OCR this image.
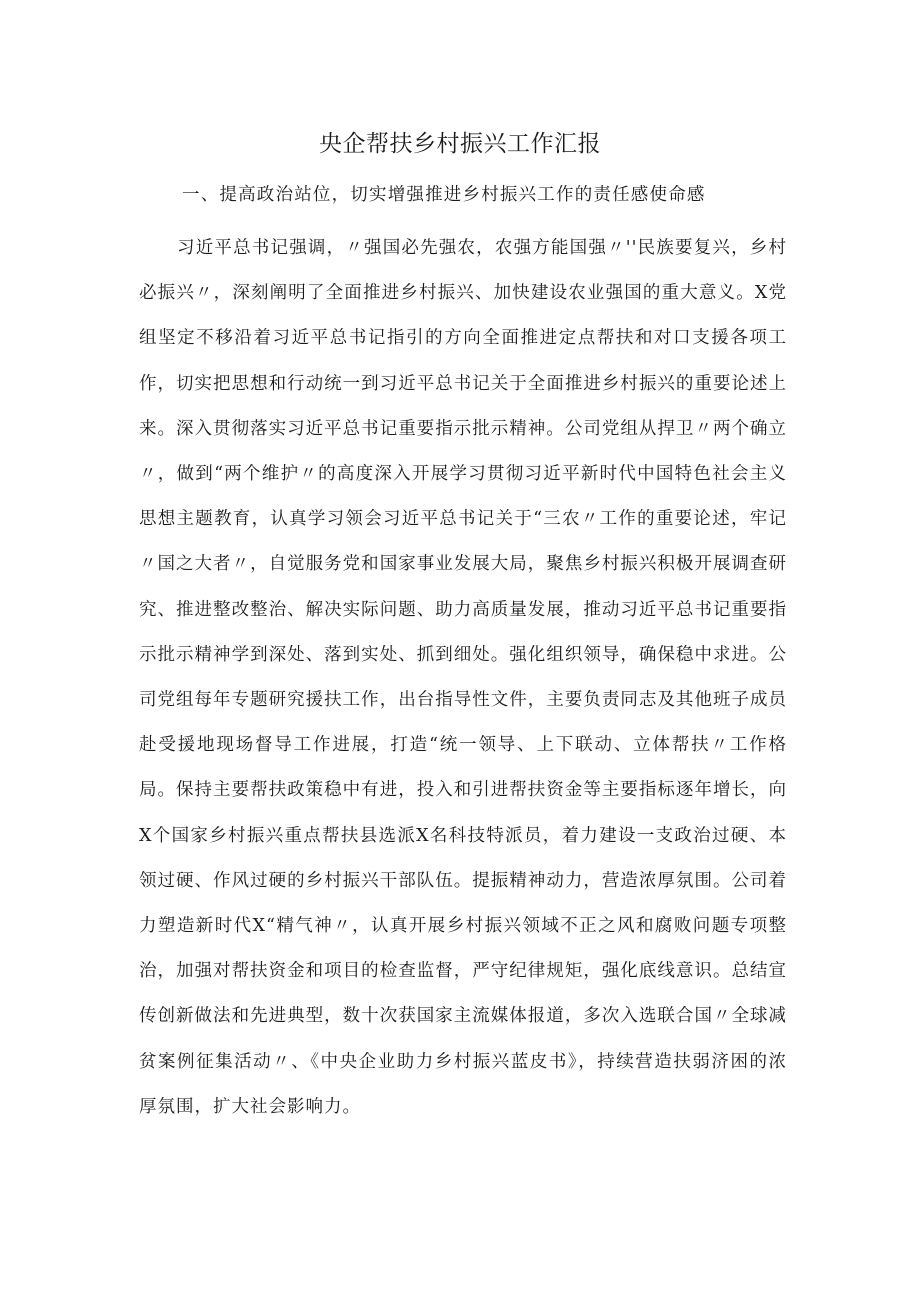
央企帮扶乡村振兴工作汇报
一、提高政治站位，切实增强推进乡村振兴工作的责任感使命感

习近平总书记强调，〃强国必先强农，农强方能国强〃''民族要复兴，乡村必振兴〃，深刻阐明了全面推进乡村振兴、加快建设农业强国的重大意义。X党组坚定不移沿着习近平总书记指引的方向全面推进定点帮扶和对口支援各项工作，切实把思想和行动统一到习近平总书记关于全面推进乡村振兴的重要论述上来。深入贯彻落实习近平总书记重要指示批示精神。公司党组从捍卫〃两个确立〃，做到“两个维护〃的高度深入开展学习贯彻习近平新时代中国特色社会主义思想主题教育，认真学习领会习近平总书记关于“三农〃工作的重要论述，牢记〃国之大者〃，自觉服务党和国家事业发展大局，聚焦乡村振兴积极开展调查研究、推进整改整治、解决实际问题、助力高质量发展，推动习近平总书记重要指示批示精神学到深处、落到实处、抓到细处。强化组织领导，确保稳中求进。公司党组每年专题研究援扶工作，出台指导性文件，主要负责同志及其他班子成员赴受援地现场督导工作进展，打造“统一领导、上下联动、立体帮扶〃工作格局。保持主要帮扶政策稳中有进，投入和引进帮扶资金等主要指标逐年增长，向X个国家乡村振兴重点帮扶县选派X名科技特派员，着力建设一支政治过硬、本领过硬、作风过硬的乡村振兴干部队伍。提振精神动力，营造浓厚氛围。公司着力塑造新时代X“精气神〃，认真开展乡村振兴领域不正之风和腐败问题专项整治，加强对帮扶资金和项目的检查监督，严守纪律规矩，强化底线意识。总结宣传创新做法和先进典型，数十次获国家主流媒体报道，多次入选联合国〃全球减贫案例征集活动〃、《中央企业助力乡村振兴蓝皮书》，持续营造扶弱济困的浓厚氛围，扩大社会影响力。
